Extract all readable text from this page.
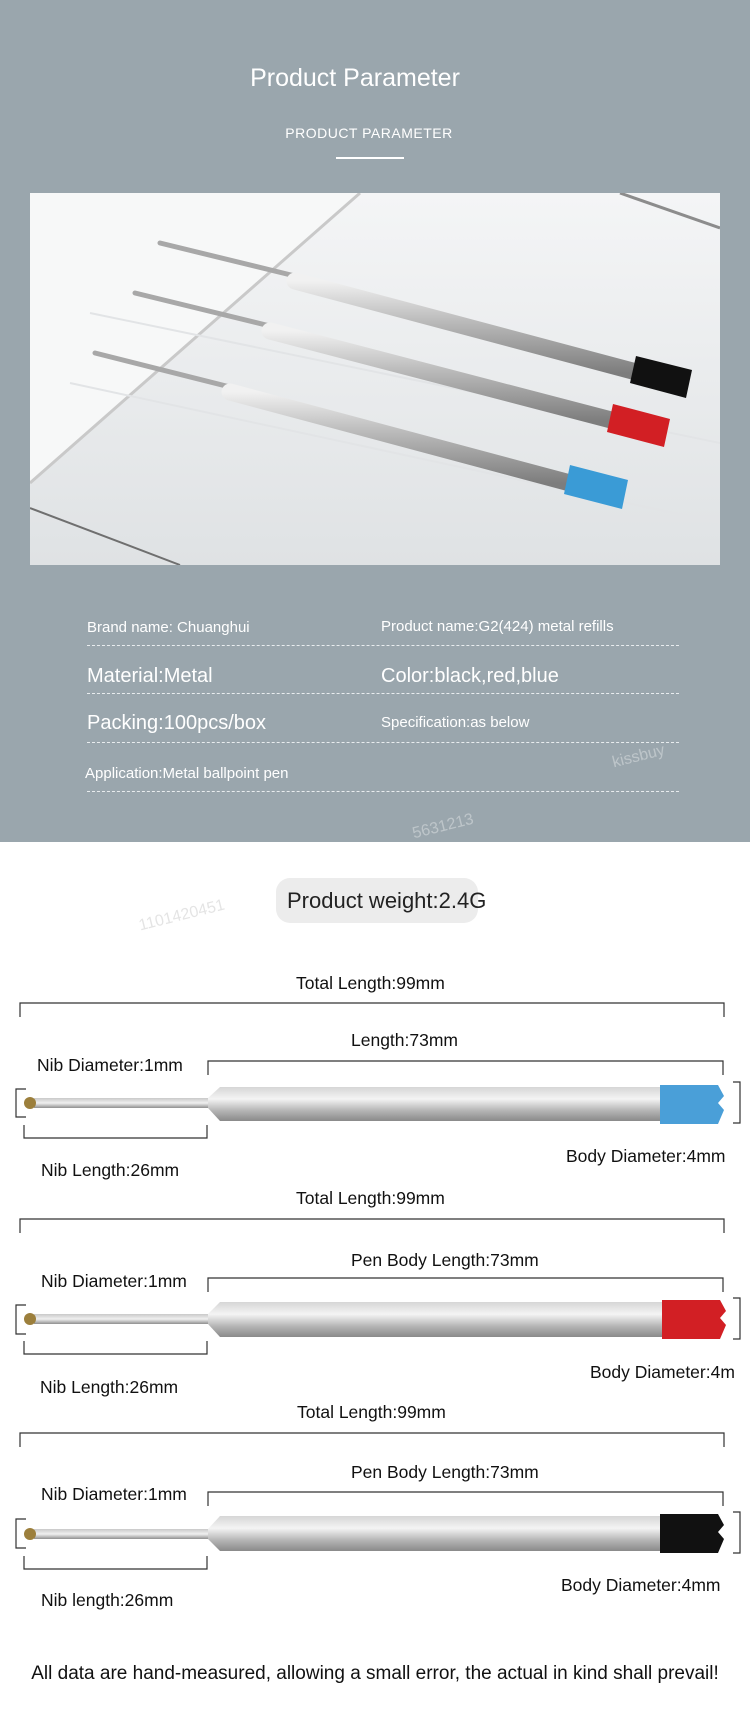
Product Parameter
PRODUCT PARAMETER
Brand name: Chuanghui	Product name:G2(424) metal refills
Material:Metal	Color:black,red,blue
Packing:100pcs/box	Specification:as below
Application:Metal ballpoint pen
kissbuy
5631213
1101420451	Product weight:2.4G
Total Length:99mm
Length:73mm
Nib Diameter:1mm
Nib Length:26mm
Body Diameter:4mm
Total Length:99mm
Pen Body Length:73mm
Nib Diameter:1mm
Nib Length:26mm
Body Diameter:4m
Total Length:99mm
Pen Body Length:73mm
Nib Diameter:1mm
Nib length:26mm
Body Diameter:4mm
All data are hand-measured, allowing a small error, the actual in kind shall prevail!
